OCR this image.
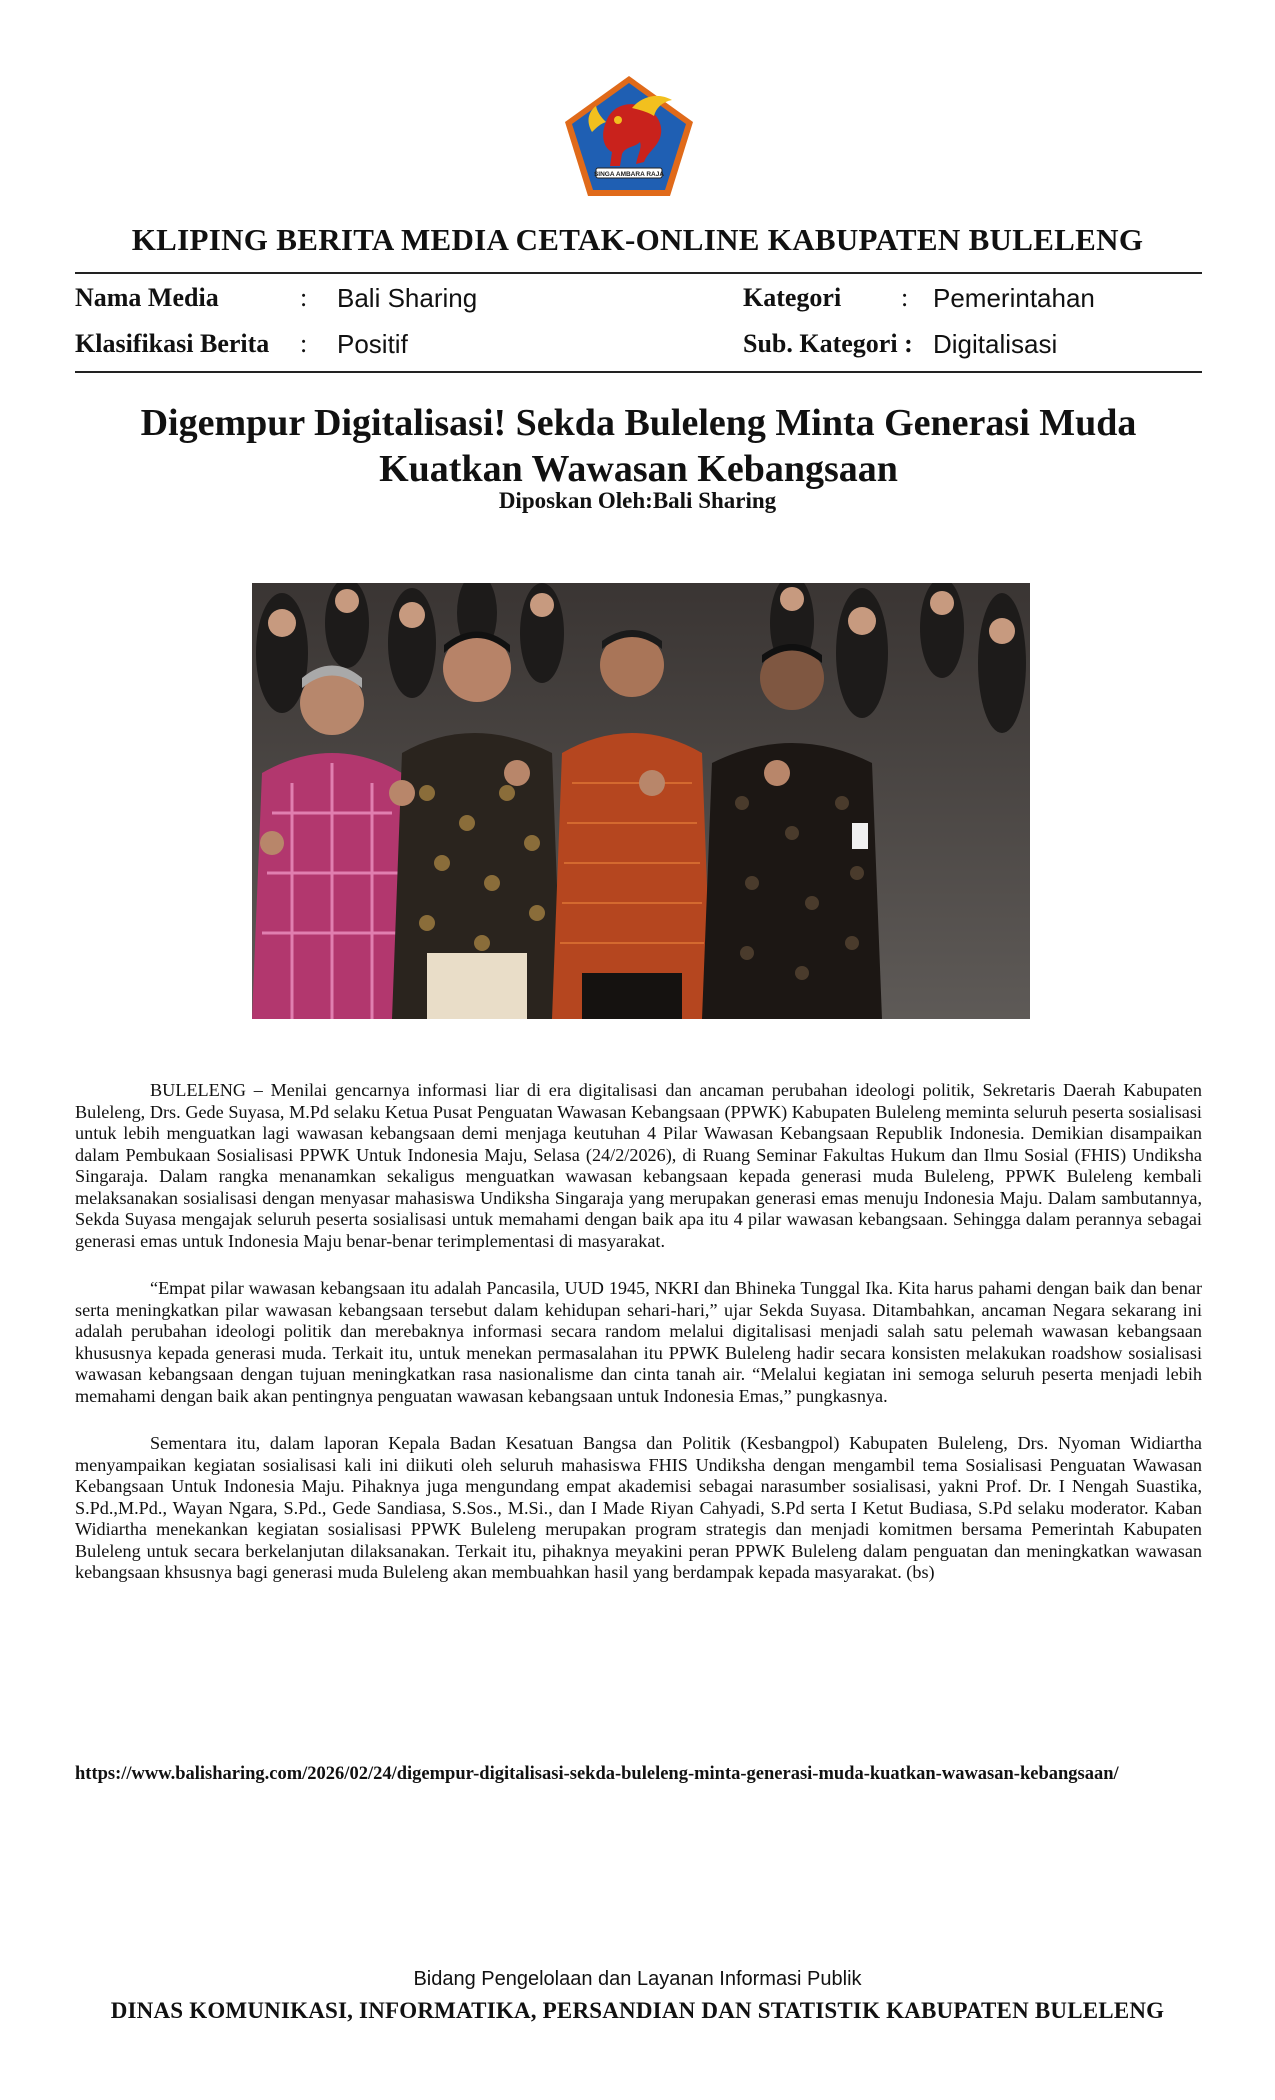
SINGA AMBARA RAJA
KLIPING BERITA MEDIA CETAK-ONLINE KABUPATEN BULELENG
Nama Media	: Bali Sharing
Klasifikasi Berita : Positif
Kategori : Pemerintahan
Sub. Kategori : Digitalisasi
Digempur Digitalisasi! Sekda Buleleng Minta Generasi Muda Kuatkan Wawasan Kebangsaan
Diposkan Oleh:Bali Sharing

BULELENG – Menilai gencarnya informasi liar di era digitalisasi dan ancaman perubahan ideologi politik, Sekretaris Daerah Kabupaten Buleleng, Drs. Gede Suyasa, M.Pd selaku Ketua Pusat Penguatan Wawasan Kebangsaan (PPWK) Kabupaten Buleleng meminta seluruh peserta sosialisasi untuk lebih menguatkan lagi wawasan kebangsaan demi menjaga keutuhan 4 Pilar Wawasan Kebangsaan Republik Indonesia. Demikian disampaikan dalam Pembukaan Sosialisasi PPWK Untuk Indonesia Maju, Selasa (24/2/2026), di Ruang Seminar Fakultas Hukum dan Ilmu Sosial (FHIS) Undiksha Singaraja. Dalam rangka menanamkan sekaligus menguatkan wawasan kebangsaan kepada generasi muda Buleleng, PPWK Buleleng kembali melaksanakan sosialisasi dengan menyasar mahasiswa Undiksha Singaraja yang merupakan generasi emas menuju Indonesia Maju. Dalam sambutannya, Sekda Suyasa mengajak seluruh peserta sosialisasi untuk memahami dengan baik apa itu 4 pilar wawasan kebangsaan. Sehingga dalam perannya sebagai generasi emas untuk Indonesia Maju benar-benar terimplementasi di masyarakat.

“Empat pilar wawasan kebangsaan itu adalah Pancasila, UUD 1945, NKRI dan Bhineka Tunggal Ika. Kita harus pahami dengan baik dan benar serta meningkatkan pilar wawasan kebangsaan tersebut dalam kehidupan sehari-hari,” ujar Sekda Suyasa. Ditambahkan, ancaman Negara sekarang ini adalah perubahan ideologi politik dan merebaknya informasi secara random melalui digitalisasi menjadi salah satu pelemah wawasan kebangsaan khususnya kepada generasi muda. Terkait itu, untuk menekan permasalahan itu PPWK Buleleng hadir secara konsisten melakukan roadshow sosialisasi wawasan kebangsaan dengan tujuan meningkatkan rasa nasionalisme dan cinta tanah air. “Melalui kegiatan ini semoga seluruh peserta menjadi lebih memahami dengan baik akan pentingnya penguatan wawasan kebangsaan untuk Indonesia Emas,” pungkasnya.

Sementara itu, dalam laporan Kepala Badan Kesatuan Bangsa dan Politik (Kesbangpol) Kabupaten Buleleng, Drs. Nyoman Widiartha menyampaikan kegiatan sosialisasi kali ini diikuti oleh seluruh mahasiswa FHIS Undiksha dengan mengambil tema Sosialisasi Penguatan Wawasan Kebangsaan Untuk Indonesia Maju. Pihaknya juga mengundang empat akademisi sebagai narasumber sosialisasi, yakni Prof. Dr. I Nengah Suastika, S.Pd.,M.Pd., Wayan Ngara, S.Pd., Gede Sandiasa, S.Sos., M.Si., dan I Made Riyan Cahyadi, S.Pd serta I Ketut Budiasa, S.Pd selaku moderator. Kaban Widiartha menekankan kegiatan sosialisasi PPWK Buleleng merupakan program strategis dan menjadi komitmen bersama Pemerintah Kabupaten Buleleng untuk secara berkelanjutan dilaksanakan. Terkait itu, pihaknya meyakini peran PPWK Buleleng dalam penguatan dan meningkatkan wawasan kebangsaan khsusnya bagi generasi muda Buleleng akan membuahkan hasil yang berdampak kepada masyarakat. (bs)

https://www.balisharing.com/2026/02/24/digempur-digitalisasi-sekda-buleleng-minta-generasi-muda-kuatkan-wawasan-kebangsaan/
Bidang Pengelolaan dan Layanan Informasi Publik
DINAS KOMUNIKASI, INFORMATIKA, PERSANDIAN DAN STATISTIK KABUPATEN BULELENG
